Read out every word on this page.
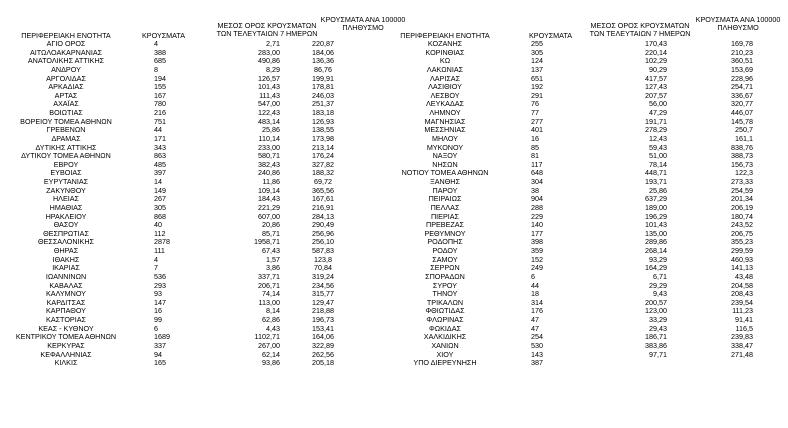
ΠΕΡΙΦΕΡΕΙΑΚΗ ΕΝΟΤΗΤΑ	ΚΡΟΥΣΜΑΤΑ
ΜΕΣΟΣ ΟΡΟΣ ΚΡΟΥΣΜΑΤΩΝ
ΤΩΝ ΤΕΛΕΥΤΑΙΩΝ 7 ΗΜΕΡΩΝ
ΚΡΟΥΣΜΑΤΑ ΑΝΑ 100000
ΠΛΗΘΥΣΜΟ
ΑΓΙΟ ΟΡΟΣ	4	2,71	220,87
ΑΙΤΩΛΟΑΚΑΡΝΑΝΙΑΣ	388	283,00	184,06
ΑΝΑΤΟΛΙΚΗΣ ΑΤΤΙΚΗΣ	685	490,86	136,36
ΑΝΔΡΟΥ	8	8,29	86,76
ΑΡΓΟΛΙΔΑΣ	194	126,57	199,91
ΑΡΚΑΔΙΑΣ	155	101,43	178,81
ΑΡΤΑΣ	167	111,43	246,03
ΑΧΑΪΑΣ	780	547,00	251,37
ΒΟΙΩΤΙΑΣ	216	122,43	183,18
ΒΟΡΕΙΟΥ ΤΟΜΕΑ ΑΘΗΝΩΝ	751	483,14	126,93
ΓΡΕΒΕΝΩΝ	44	25,86	138,55
ΔΡΑΜΑΣ	171	110,14	173,98
ΔΥΤΙΚΗΣ ΑΤΤΙΚΗΣ	343	233,00	213,14
ΔΥΤΙΚΟΥ ΤΟΜΕΑ ΑΘΗΝΩΝ	863	580,71	176,24
ΕΒΡΟΥ	485	382,43	327,82
ΕΥΒΟΙΑΣ	397	240,86	188,32
ΕΥΡΥΤΑΝΙΑΣ	14	11,86	69,72
ΖΑΚΥΝΘΟΥ	149	109,14	365,56
ΗΛΕΙΑΣ	267	184,43	167,61
ΗΜΑΘΙΑΣ	305	221,29	216,91
ΗΡΑΚΛΕΙΟΥ	868	607,00	284,13
ΘΑΣΟΥ	40	20,86	290,49
ΘΕΣΠΡΩΤΙΑΣ	112	85,71	256,96
ΘΕΣΣΑΛΟΝΙΚΗΣ	2878	1958,71	256,10
ΘΗΡΑΣ	111	67,43	587,83
ΙΘΑΚΗΣ	4	1,57	123,8
ΙΚΑΡΙΑΣ	7	3,86	70,84
ΙΩΑΝΝΙΝΩΝ	536	337,71	319,24
ΚΑΒΑΛΑΣ	293	206,71	234,56
ΚΑΛΥΜΝΟΥ	93	74,14	315,77
ΚΑΡΔΙΤΣΑΣ	147	113,00	129,47
ΚΑΡΠΑΘΟΥ	16	8,14	218,88
ΚΑΣΤΟΡΙΑΣ	99	62,86	196,73
ΚΕΑΣ - ΚΥΘΝΟΥ	6	4,43	153,41
ΚΕΝΤΡΙΚΟΥ ΤΟΜΕΑ ΑΘΗΝΩΝ	1689	1102,71	164,06
ΚΕΡΚΥΡΑΣ	337	267,00	322,89
ΚΕΦΑΛΛΗΝΙΑΣ	94	62,14	262,56
ΚΙΛΚΙΣ	165	93,86	205,18
ΠΕΡΙΦΕΡΕΙΑΚΗ ΕΝΟΤΗΤΑ	ΚΡΟΥΣΜΑΤΑ
ΜΕΣΟΣ ΟΡΟΣ ΚΡΟΥΣΜΑΤΩΝ
ΤΩΝ ΤΕΛΕΥΤΑΙΩΝ 7 ΗΜΕΡΩΝ
ΚΡΟΥΣΜΑΤΑ ΑΝΑ 100000
ΠΛΗΘΥΣΜΟ
ΚΟΖΑΝΗΣ	255	170,43	169,78
ΚΟΡΙΝΘΙΑΣ	305	220,14	210,23
ΚΩ	124	102,29	360,51
ΛΑΚΩΝΙΑΣ	137	90,29	153,69
ΛΑΡΙΣΑΣ	651	417,57	228,96
ΛΑΣΙΘΙΟΥ	192	127,43	254,71
ΛΕΣΒΟΥ	291	207,57	336,67
ΛΕΥΚΑΔΑΣ	76	56,00	320,77
ΛΗΜΝΟΥ	77	47,29	446,07
ΜΑΓΝΗΣΙΑΣ	277	191,71	145,78
ΜΕΣΣΗΝΙΑΣ	401	278,29	250,7
ΜΗΛΟΥ	16	12,43	161,1
ΜΥΚΟΝΟΥ	85	59,43	838,76
ΝΑΞΟΥ	81	51,00	388,73
ΝΗΣΩΝ	117	78,14	156,73
ΝΟΤΙΟΥ ΤΟΜΕΑ ΑΘΗΝΩΝ	648	448,71	122,3
ΞΑΝΘΗΣ	304	193,71	273,33
ΠΑΡΟΥ	38	25,86	254,59
ΠΕΙΡΑΙΩΣ	904	637,29	201,34
ΠΕΛΛΑΣ	288	189,00	206,19
ΠΙΕΡΙΑΣ	229	196,29	180,74
ΠΡΕΒΕΖΑΣ	140	101,43	243,52
ΡΕΘΥΜΝΟΥ	177	135,00	206,75
ΡΟΔΟΠΗΣ	398	289,86	355,23
ΡΟΔΟΥ	359	268,14	299,59
ΣΑΜΟΥ	152	93,29	460,93
ΣΕΡΡΩΝ	249	164,29	141,13
ΣΠΟΡΑΔΩΝ	6	6,71	43,48
ΣΥΡΟΥ	44	29,29	204,58
ΤΗΝΟΥ	18	9,43	208,43
ΤΡΙΚΑΛΩΝ	314	200,57	239,54
ΦΘΙΩΤΙΔΑΣ	176	123,00	111,23
ΦΛΩΡΙΝΑΣ	47	33,29	91,41
ΦΩΚΙΔΑΣ	47	29,43	116,5
ΧΑΛΚΙΔΙΚΗΣ	254	186,71	239,83
ΧΑΝΙΩΝ	530	383,86	338,47
ΧΙΟΥ	143	97,71	271,48
ΥΠΟ ΔΙΕΡΕΥΝΗΣΗ	387
